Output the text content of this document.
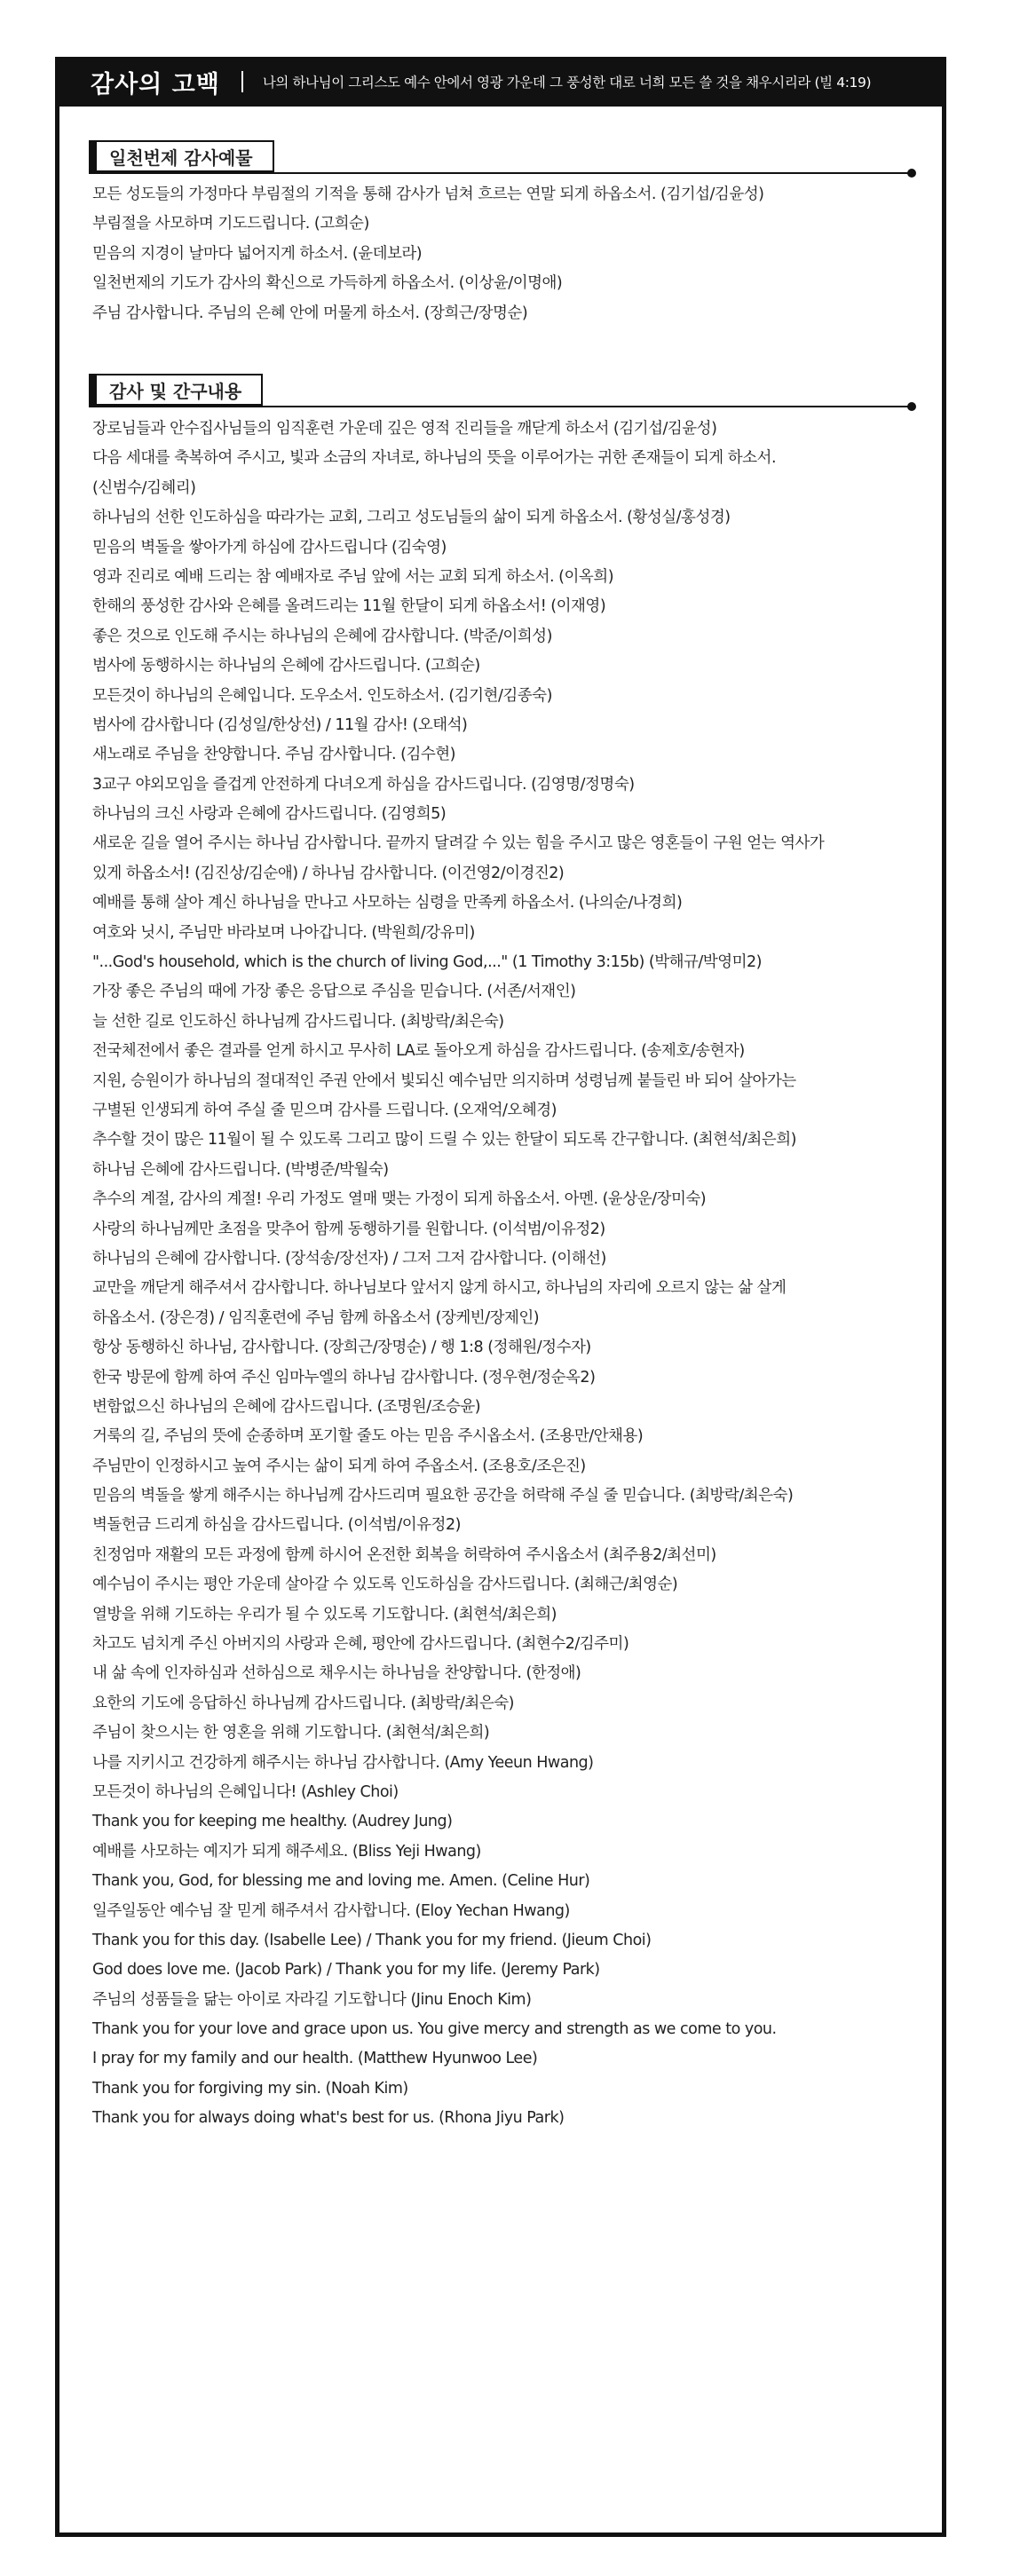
감사의 고백	나의 하나님이 그리스도 예수 안에서 영광 가운데 그 풍성한 대로 너희 모든 쓸 것을 채우시리라 (빌 4:19)
일천번제 감사예물
모든 성도들의 가정마다 부림절의 기적을 통해 감사가 넘쳐 흐르는 연말 되게 하옵소서. (김기섭/김윤성)
부림절을 사모하며 기도드립니다. (고희순)
믿음의 지경이 날마다 넓어지게 하소서. (윤데보라)
일천번제의 기도가 감사의 확신으로 가득하게 하옵소서. (이상윤/이명애)
주님 감사합니다. 주님의 은혜 안에 머물게 하소서. (장희근/장명순)
감사 및 간구내용
장로님들과 안수집사님들의 임직훈련 가운데 깊은 영적 진리들을 깨닫게 하소서 (김기섭/김윤성)
다음 세대를 축복하여 주시고, 빛과 소금의 자녀로, 하나님의 뜻을 이루어가는 귀한 존재들이 되게 하소서.
(신범수/김혜리)
하나님의 선한 인도하심을 따라가는 교회, 그리고 성도님들의 삶이 되게 하옵소서. (황성실/홍성경)
믿음의 벽돌을 쌓아가게 하심에 감사드립니다 (김숙영)
영과 진리로 예배 드리는 참 예배자로 주님 앞에 서는 교회 되게 하소서. (이옥희)
한해의 풍성한 감사와 은혜를 올려드리는 11월 한달이 되게 하옵소서! (이재영)
좋은 것으로 인도해 주시는 하나님의 은혜에 감사합니다. (박준/이희성)
범사에 동행하시는 하나님의 은혜에 감사드립니다. (고희순)
모든것이 하나님의 은혜입니다. 도우소서. 인도하소서. (김기현/김종숙)
범사에 감사합니다 (김성일/한상선) / 11월 감사! (오태석)
새노래로 주님을 찬양합니다. 주님 감사합니다. (김수현)
3교구 야외모임을 즐겁게 안전하게 다녀오게 하심을 감사드립니다. (김영명/정명숙)
하나님의 크신 사랑과 은혜에 감사드립니다. (김영희5)
새로운 길을 열어 주시는 하나님 감사합니다. 끝까지 달려갈 수 있는 힘을 주시고 많은 영혼들이 구원 얻는 역사가
있게 하옵소서! (김진상/김순애) / 하나님 감사합니다. (이건영2/이경진2)
예배를 통해 살아 계신 하나님을 만나고 사모하는 심령을 만족케 하옵소서. (나의순/나경희)
여호와 닛시, 주님만 바라보며 나아갑니다. (박원희/강유미)
"...God's household, which is the church of living God,..." (1 Timothy 3:15b) (박해규/박영미2)
가장 좋은 주님의 때에 가장 좋은 응답으로 주심을 믿습니다. (서존/서재인)
늘 선한 길로 인도하신 하나님께 감사드립니다. (최방락/최은숙)
전국체전에서 좋은 결과를 얻게 하시고 무사히 LA로 돌아오게 하심을 감사드립니다. (송제호/송현자)
지원, 승원이가 하나님의 절대적인 주권 안에서 빛되신 예수님만 의지하며 성령님께 붙들린 바 되어 살아가는
구별된 인생되게 하여 주실 줄 믿으며 감사를 드립니다. (오재억/오혜경)
추수할 것이 많은 11월이 될 수 있도록 그리고 많이 드릴 수 있는 한달이 되도록 간구합니다. (최현석/최은희)
하나님 은혜에 감사드립니다. (박병준/박월숙)
추수의 계절, 감사의 계절! 우리 가정도 열매 맺는 가정이 되게 하옵소서. 아멘. (윤상운/장미숙)
사랑의 하나님께만 초점을 맞추어 함께 동행하기를 원합니다. (이석범/이유정2)
하나님의 은혜에 감사합니다. (장석송/장선자) / 그저 그저 감사합니다. (이해선)
교만을 깨닫게 해주셔서 감사합니다. 하나님보다 앞서지 않게 하시고, 하나님의 자리에 오르지 않는 삶 살게
하옵소서. (장은경) / 임직훈련에 주님 함께 하옵소서 (장케빈/장제인)
항상 동행하신 하나님, 감사합니다. (장희근/장명순) / 행 1:8 (정해원/정수자)
한국 방문에 함께 하여 주신 임마누엘의 하나님 감사합니다. (정우현/정순옥2)
변함없으신 하나님의 은혜에 감사드립니다. (조명원/조승윤)
거룩의 길, 주님의 뜻에 순종하며 포기할 줄도 아는 믿음 주시옵소서. (조용만/안채용)
주님만이 인정하시고 높여 주시는 삶이 되게 하여 주옵소서. (조용호/조은진)
믿음의 벽돌을 쌓게 해주시는 하나님께 감사드리며 필요한 공간을 허락해 주실 줄 믿습니다. (최방락/최은숙)
벽돌헌금 드리게 하심을 감사드립니다. (이석범/이유정2)
친정엄마 재활의 모든 과정에 함께 하시어 온전한 회복을 허락하여 주시옵소서 (최주용2/최선미)
예수님이 주시는 평안 가운데 살아갈 수 있도록 인도하심을 감사드립니다. (최해근/최영순)
열방을 위해 기도하는 우리가 될 수 있도록 기도합니다. (최현석/최은희)
차고도 넘치게 주신 아버지의 사랑과 은혜, 평안에 감사드립니다. (최현수2/김주미)
내 삶 속에 인자하심과 선하심으로 채우시는 하나님을 찬양합니다. (한정애)
요한의 기도에 응답하신 하나님께 감사드립니다. (최방락/최은숙)
주님이 찾으시는 한 영혼을 위해 기도합니다. (최현석/최은희)
나를 지키시고 건강하게 해주시는 하나님 감사합니다. (Amy Yeeun Hwang)
모든것이 하나님의 은혜입니다! (Ashley Choi)
Thank you for keeping me healthy. (Audrey Jung)
예배를 사모하는 예지가 되게 해주세요. (Bliss Yeji Hwang)
Thank you, God, for blessing me and loving me. Amen. (Celine Hur)
일주일동안 예수님 잘 믿게 해주셔서 감사합니다. (Eloy Yechan Hwang)
Thank you for this day. (Isabelle Lee) / Thank you for my friend. (Jieum Choi)
God does love me. (Jacob Park) / Thank you for my life. (Jeremy Park)
주님의 성품들을 닮는 아이로 자라길 기도합니다 (Jinu Enoch Kim)
Thank you for your love and grace upon us. You give mercy and strength as we come to you.
I pray for my family and our health. (Matthew Hyunwoo Lee)
Thank you for forgiving my sin. (Noah Kim)
Thank you for always doing what's best for us. (Rhona Jiyu Park)
